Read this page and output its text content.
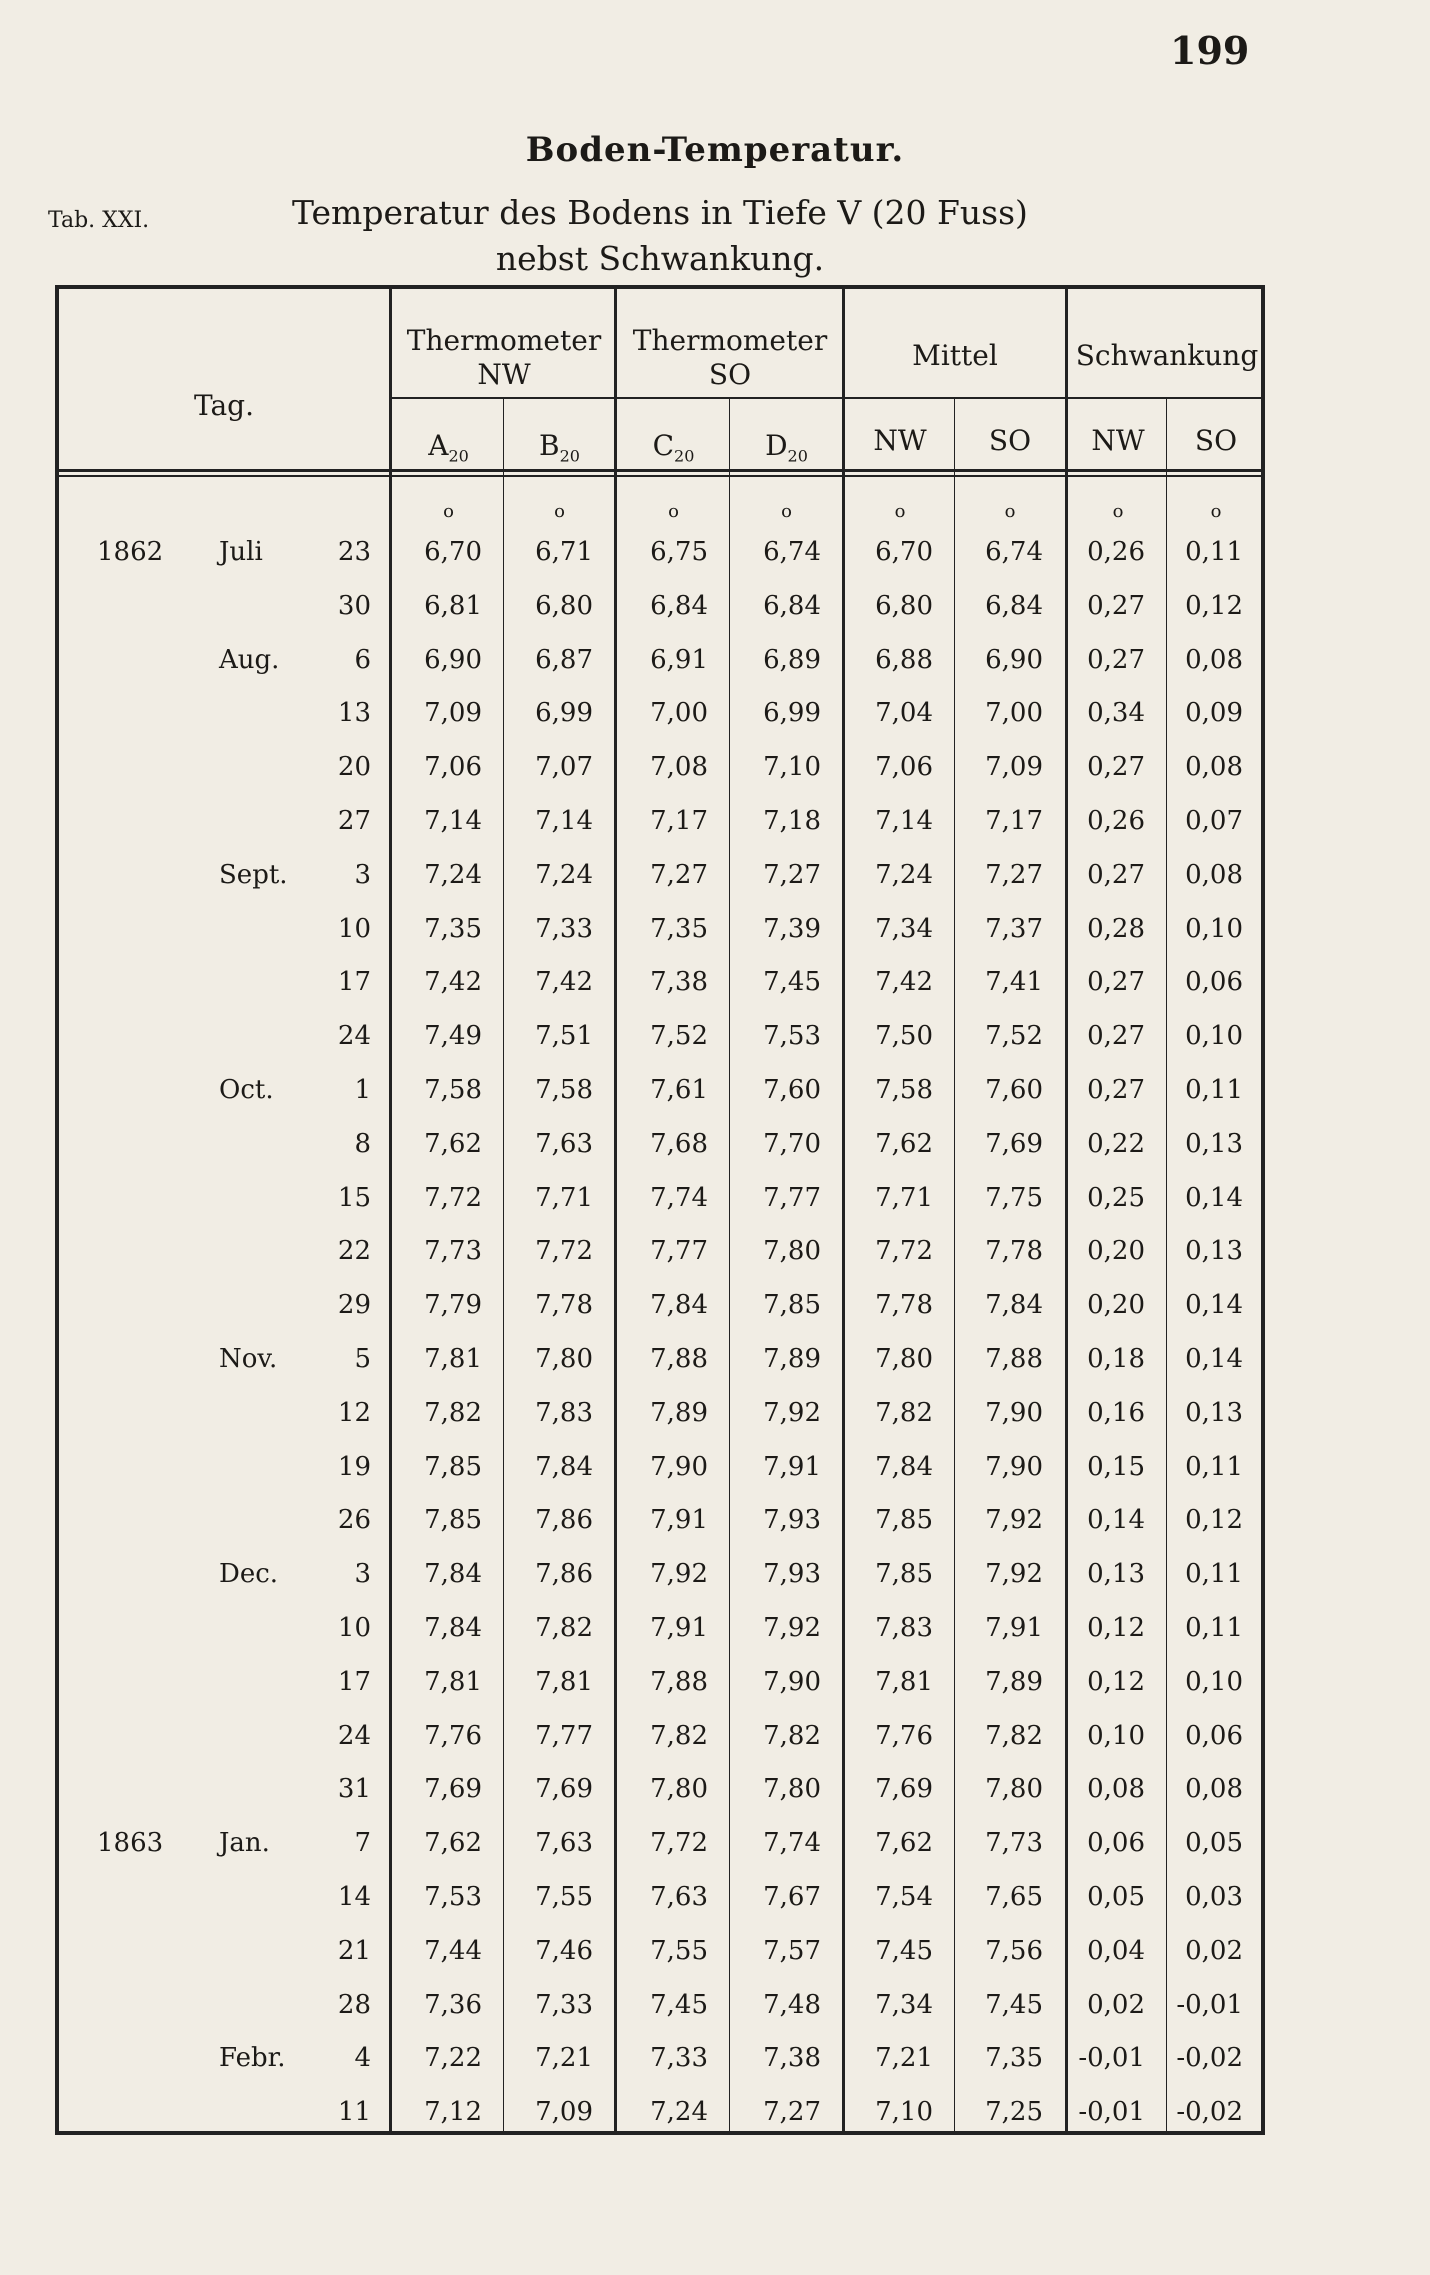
199
Boden-Temperatur.
Tab. XXI.	Temperatur des Bodens in Tiefe V (20 Fuss)
nebst Schwankung.
Tag.
Thermometer NW
Thermometer SO
Mittel	Schwankung
$A_{20}$	$B_{20}$	$C_{20}$	$D_{20}$	NW	SO	NW	SO
o	o	o	o	o	o	o	o
1862	Juli	23	6,70	6,71	6,75	6,74	6,70	6,74	0,26	0,11
30	6,81	6,80	6,84	6,84	6,80	6,84	0,27	0,12
Aug.	6	6,90	6,87	6,91	6,89	6,88	6,90	0,27	0,08
13	7,09	6,99	7,00	6,99	7,04	7,00	0,34	0,09
20	7,06	7,07	7,08	7,10	7,06	7,09	0,27	0,08
27	7,14	7,14	7,17	7,18	7,14	7,17	0,26	0,07
Sept.	3	7,24	7,24	7,27	7,27	7,24	7,27	0,27	0,08
10	7,35	7,33	7,35	7,39	7,34	7,37	0,28	0,10
17	7,42	7,42	7,38	7,45	7,42	7,41	0,27	0,06
24	7,49	7,51	7,52	7,53	7,50	7,52	0,27	0,10
Oct.	1	7,58	7,58	7,61	7,60	7,58	7,60	0,27	0,11
8	7,62	7,63	7,68	7,70	7,62	7,69	0,22	0,13
15	7,72	7,71	7,74	7,77	7,71	7,75	0,25	0,14
22	7,73	7,72	7,77	7,80	7,72	7,78	0,20	0,13
29	7,79	7,78	7,84	7,85	7,78	7,84	0,20	0,14
Nov.	5	7,81	7,80	7,88	7,89	7,80	7,88	0,18	0,14
12	7,82	7,83	7,89	7,92	7,82	7,90	0,16	0,13
19	7,85	7,84	7,90	7,91	7,84	7,90	0,15	0,11
26	7,85	7,86	7,91	7,93	7,85	7,92	0,14	0,12
Dec.	3	7,84	7,86	7,92	7,93	7,85	7,92	0,13	0,11
10	7,84	7,82	7,91	7,92	7,83	7,91	0,12	0,11
17	7,81	7,81	7,88	7,90	7,81	7,89	0,12	0,10
24	7,76	7,77	7,82	7,82	7,76	7,82	0,10	0,06
31	7,69	7,69	7,80	7,80	7,69	7,80	0,08	0,08
1863	Jan.	7	7,62	7,63	7,72	7,74	7,62	7,73	0,06	0,05
14	7,53	7,55	7,63	7,67	7,54	7,65	0,05	0,03
21	7,44	7,46	7,55	7,57	7,45	7,56	0,04	0,02
28	7,36	7,33	7,45	7,48	7,34	7,45	0,02	-0,01
Febr.	4	7,22	7,21	7,33	7,38	7,21	7,35	-0,01	-0,02
11	7,12	7,09	7,24	7,27	7,10	7,25	-0,01	-0,02
